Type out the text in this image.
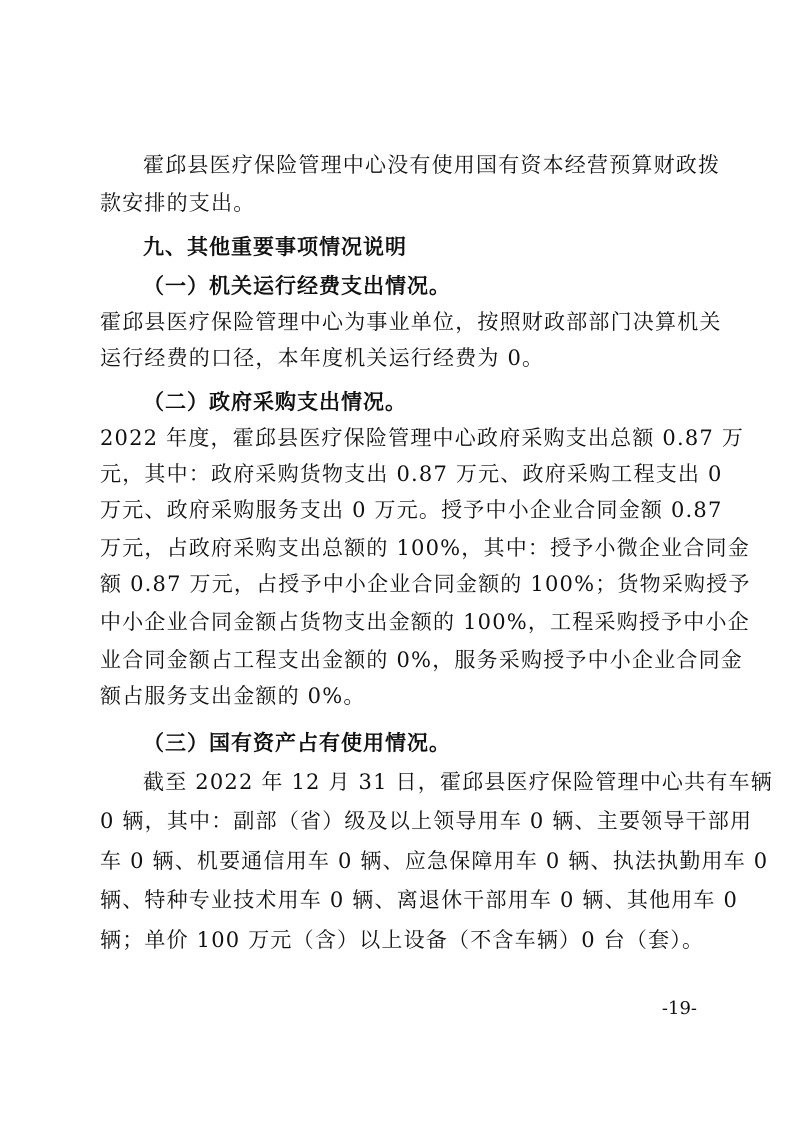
霍邱县医疗保险管理中心没有使用国有资本经营预算财政拨
款安排的支出。
九、其他重要事项情况说明
（一）机关运行经费支出情况。
霍邱县医疗保险管理中心为事业单位，按照财政部部门决算机关
运行经费的口径，本年度机关运行经费为 0。
（二）政府采购支出情况。
2022 年度，霍邱县医疗保险管理中心政府采购支出总额 0.87 万
元，其中：政府采购货物支出 0.87 万元、政府采购工程支出 0
万元、政府采购服务支出 0 万元。授予中小企业合同金额 0.87
万元，占政府采购支出总额的 100%，其中：授予小微企业合同金
额 0.87 万元，占授予中小企业合同金额的 100%；货物采购授予
中小企业合同金额占货物支出金额的 100%，工程采购授予中小企
业合同金额占工程支出金额的 0%，服务采购授予中小企业合同金
额占服务支出金额的 0%。
（三）国有资产占有使用情况。
截至 2022 年 12 月 31 日，霍邱县医疗保险管理中心共有车辆
0 辆，其中：副部（省）级及以上领导用车 0 辆、主要领导干部用
车 0 辆、机要通信用车 0 辆、应急保障用车 0 辆、执法执勤用车 0
辆、特种专业技术用车 0 辆、离退休干部用车 0 辆、其他用车 0
辆；单价 100 万元（含）以上设备（不含车辆）0 台（套）。
-19-
